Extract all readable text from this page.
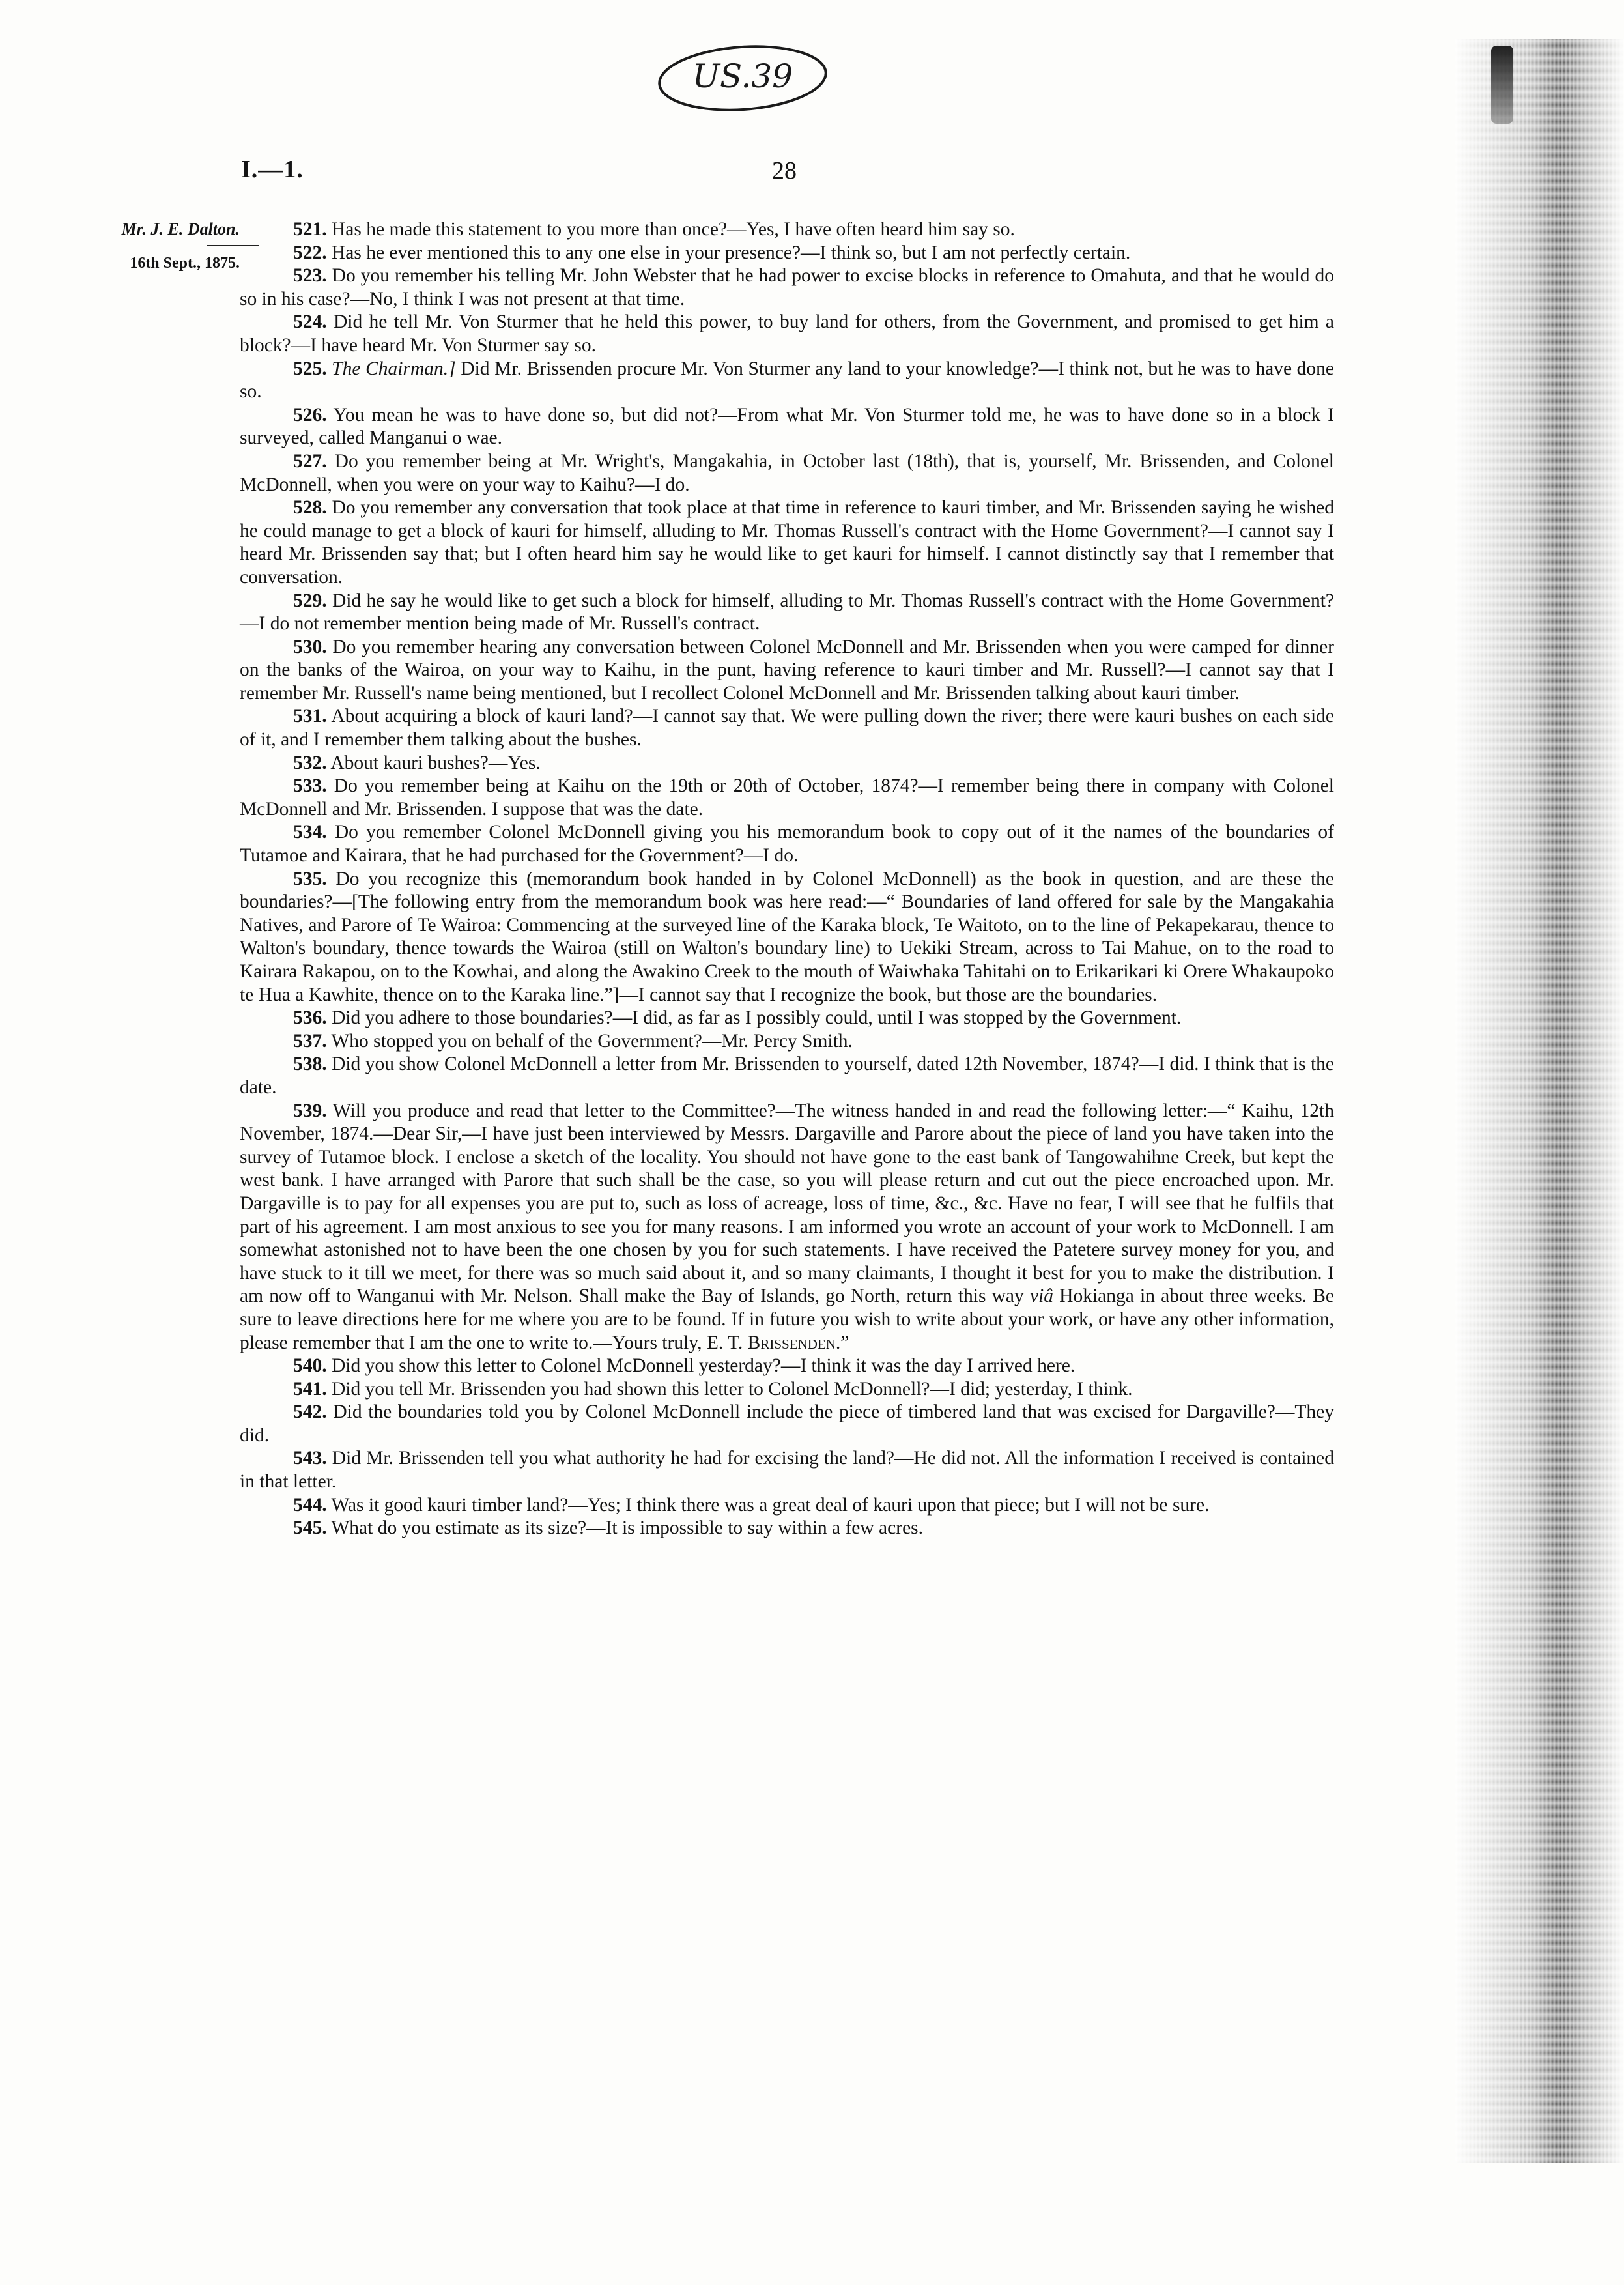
US.39
I.—1.	28
Mr. J. E. Dalton.
16th Sept., 1875.

521. Has he made this statement to you more than once?—Yes, I have often heard him say so.

522. Has he ever mentioned this to any one else in your presence?—I think so, but I am not perfectly certain.

523. Do you remember his telling Mr. John Webster that he had power to excise blocks in reference to Omahuta, and that he would do so in his case?—No, I think I was not present at that time.

524. Did he tell Mr. Von Sturmer that he held this power, to buy land for others, from the Government, and promised to get him a block?—I have heard Mr. Von Sturmer say so.

525. The Chairman.] Did Mr. Brissenden procure Mr. Von Sturmer any land to your knowledge?—I think not, but he was to have done so.

526. You mean he was to have done so, but did not?—From what Mr. Von Sturmer told me, he was to have done so in a block I surveyed, called Manganui o wae.

527. Do you remember being at Mr. Wright's, Mangakahia, in October last (18th), that is, yourself, Mr. Brissenden, and Colonel McDonnell, when you were on your way to Kaihu?—I do.

528. Do you remember any conversation that took place at that time in reference to kauri timber, and Mr. Brissenden saying he wished he could manage to get a block of kauri for himself, alluding to Mr. Thomas Russell's contract with the Home Government?—I cannot say I heard Mr. Brissenden say that; but I often heard him say he would like to get kauri for himself. I cannot distinctly say that I remember that conversation.

529. Did he say he would like to get such a block for himself, alluding to Mr. Thomas Russell's contract with the Home Government?—I do not remember mention being made of Mr. Russell's contract.

530. Do you remember hearing any conversation between Colonel McDonnell and Mr. Brissenden when you were camped for dinner on the banks of the Wairoa, on your way to Kaihu, in the punt, having reference to kauri timber and Mr. Russell?—I cannot say that I remember Mr. Russell's name being mentioned, but I recollect Colonel McDonnell and Mr. Brissenden talking about kauri timber.

531. About acquiring a block of kauri land?—I cannot say that. We were pulling down the river; there were kauri bushes on each side of it, and I remember them talking about the bushes.

532. About kauri bushes?—Yes.

533. Do you remember being at Kaihu on the 19th or 20th of October, 1874?—I remember being there in company with Colonel McDonnell and Mr. Brissenden. I suppose that was the date.

534. Do you remember Colonel McDonnell giving you his memorandum book to copy out of it the names of the boundaries of Tutamoe and Kairara, that he had purchased for the Government?—I do.

535. Do you recognize this (memorandum book handed in by Colonel McDonnell) as the book in question, and are these the boundaries?—[The following entry from the memorandum book was here read:—“ Boundaries of land offered for sale by the Mangakahia Natives, and Parore of Te Wairoa: Commencing at the surveyed line of the Karaka block, Te Waitoto, on to the line of Pekapekarau, thence to Walton's boundary, thence towards the Wairoa (still on Walton's boundary line) to Uekiki Stream, across to Tai Mahue, on to the road to Kairara Rakapou, on to the Kowhai, and along the Awakino Creek to the mouth of Waiwhaka Tahitahi on to Erikarikari ki Orere Whakaupoko te Hua a Kawhite, thence on to the Karaka line.”]—I cannot say that I recognize the book, but those are the boundaries.

536. Did you adhere to those boundaries?—I did, as far as I possibly could, until I was stopped by the Government.

537. Who stopped you on behalf of the Government?—Mr. Percy Smith.

538. Did you show Colonel McDonnell a letter from Mr. Brissenden to yourself, dated 12th November, 1874?—I did. I think that is the date.

539. Will you produce and read that letter to the Committee?—The witness handed in and read the following letter:—“ Kaihu, 12th November, 1874.—Dear Sir,—I have just been interviewed by Messrs. Dargaville and Parore about the piece of land you have taken into the survey of Tutamoe block. I enclose a sketch of the locality. You should not have gone to the east bank of Tangowahihne Creek, but kept the west bank. I have arranged with Parore that such shall be the case, so you will please return and cut out the piece encroached upon. Mr. Dargaville is to pay for all expenses you are put to, such as loss of acreage, loss of time, &c., &c. Have no fear, I will see that he fulfils that part of his agreement. I am most anxious to see you for many reasons. I am informed you wrote an account of your work to McDonnell. I am somewhat astonished not to have been the one chosen by you for such statements. I have received the Patetere survey money for you, and have stuck to it till we meet, for there was so much said about it, and so many claimants, I thought it best for you to make the distribution. I am now off to Wanganui with Mr. Nelson. Shall make the Bay of Islands, go North, return this way viâ Hokianga in about three weeks. Be sure to leave directions here for me where you are to be found. If in future you wish to write about your work, or have any other information, please remember that I am the one to write to.—Yours truly, E. T. Brissenden.”

540. Did you show this letter to Colonel McDonnell yesterday?—I think it was the day I arrived here.

541. Did you tell Mr. Brissenden you had shown this letter to Colonel McDonnell?—I did; yesterday, I think.

542. Did the boundaries told you by Colonel McDonnell include the piece of timbered land that was excised for Dargaville?—They did.

543. Did Mr. Brissenden tell you what authority he had for excising the land?—He did not. All the information I received is contained in that letter.

544. Was it good kauri timber land?—Yes; I think there was a great deal of kauri upon that piece; but I will not be sure.

545. What do you estimate as its size?—It is impossible to say within a few acres.
